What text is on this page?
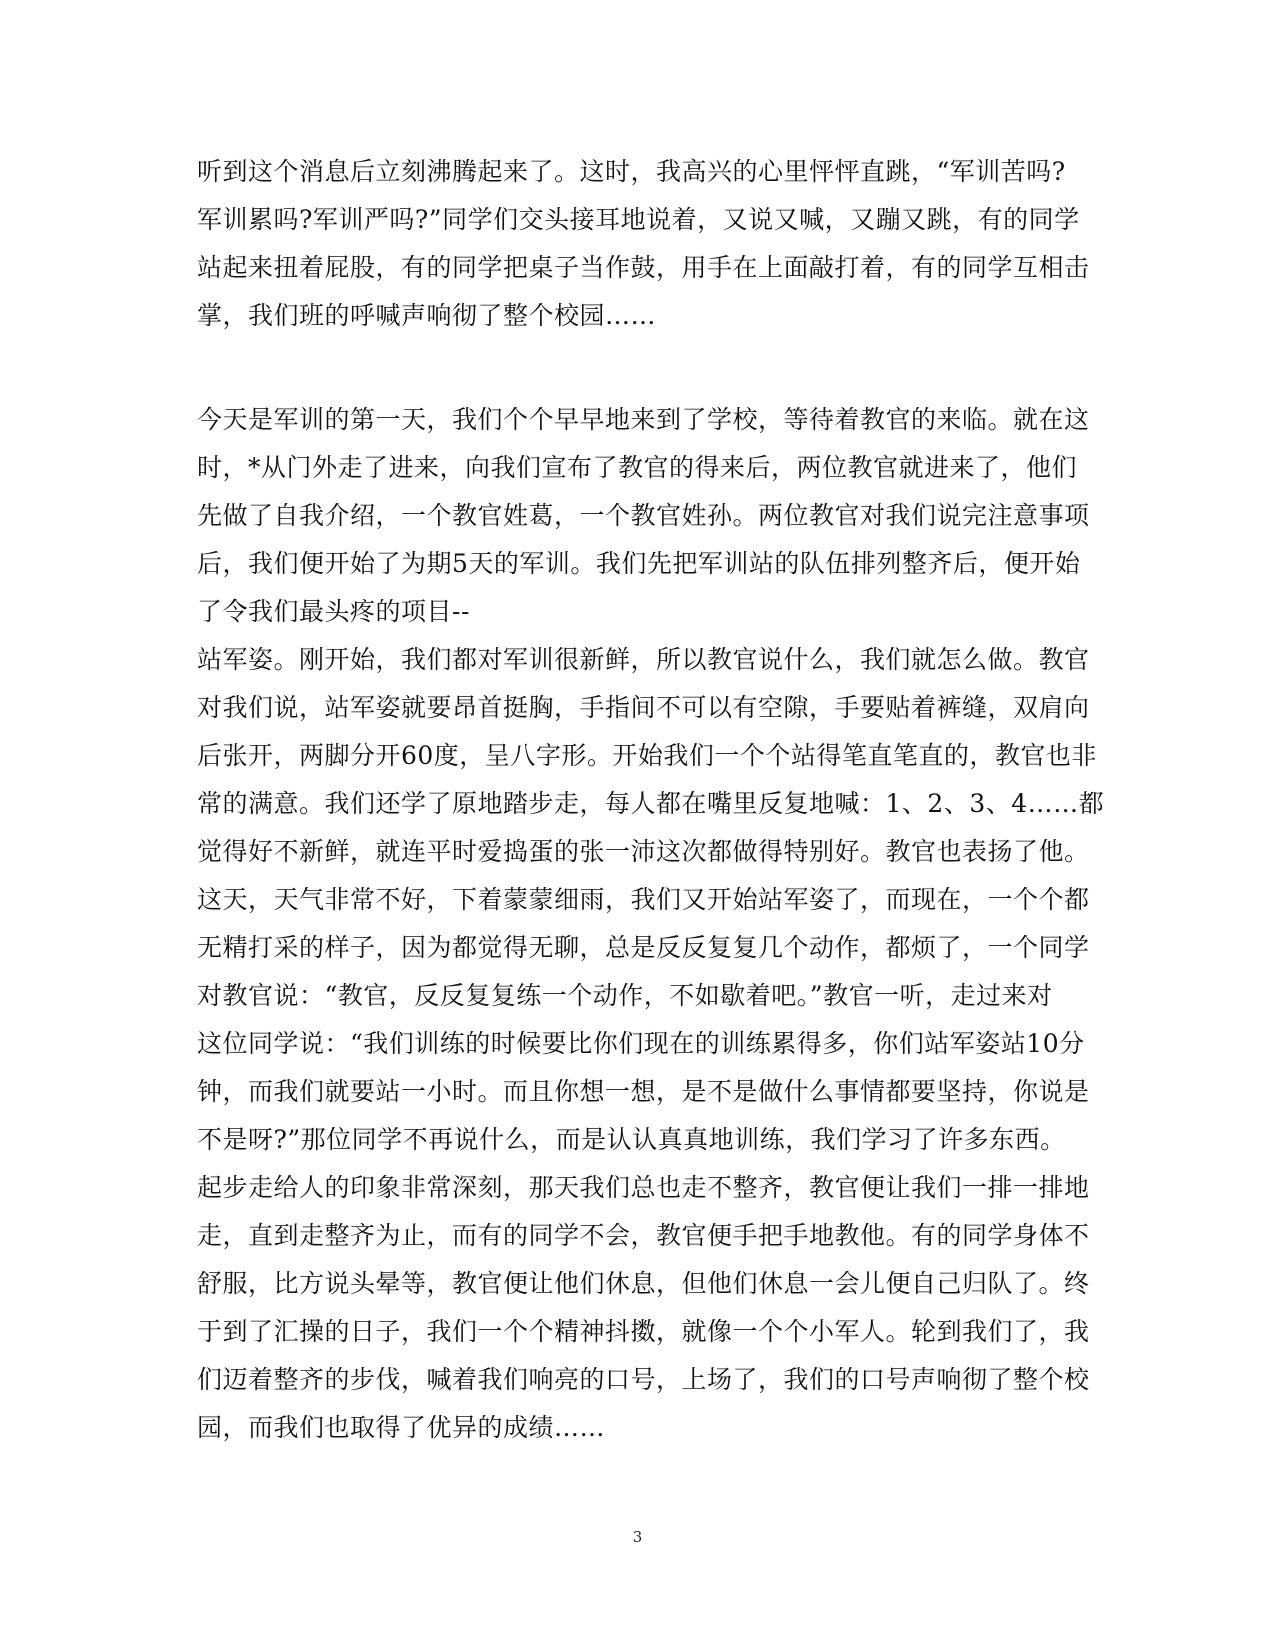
听到这个消息后立刻沸腾起来了。这时，我高兴的心里怦怦直跳，“军训苦吗?
军训累吗?军训严吗?”同学们交头接耳地说着，又说又喊，又蹦又跳，有的同学
站起来扭着屁股，有的同学把桌子当作鼓，用手在上面敲打着，有的同学互相击
掌，我们班的呼喊声响彻了整个校园……
今天是军训的第一天，我们个个早早地来到了学校，等待着教官的来临。就在这
时，*从门外走了进来，向我们宣布了教官的得来后，两位教官就进来了，他们
先做了自我介绍，一个教官姓葛，一个教官姓孙。两位教官对我们说完注意事项
后，我们便开始了为期5天的军训。我们先把军训站的队伍排列整齐后，便开始
了令我们最头疼的项目--
站军姿。刚开始，我们都对军训很新鲜，所以教官说什么，我们就怎么做。教官
对我们说，站军姿就要昂首挺胸，手指间不可以有空隙，手要贴着裤缝，双肩向
后张开，两脚分开60度，呈八字形。开始我们一个个站得笔直笔直的，教官也非
常的满意。我们还学了原地踏步走，每人都在嘴里反复地喊：1、2、3、4……都
觉得好不新鲜，就连平时爱捣蛋的张一沛这次都做得特别好。教官也表扬了他。
这天，天气非常不好，下着蒙蒙细雨，我们又开始站军姿了，而现在，一个个都
无精打采的样子，因为都觉得无聊，总是反反复复几个动作，都烦了，一个同学
对教官说：“教官，反反复复练一个动作，不如歇着吧。”教官一听，走过来对
这位同学说：“我们训练的时候要比你们现在的训练累得多，你们站军姿站10分
钟，而我们就要站一小时。而且你想一想，是不是做什么事情都要坚持，你说是
不是呀?”那位同学不再说什么，而是认认真真地训练，我们学习了许多东西。
起步走给人的印象非常深刻，那天我们总也走不整齐，教官便让我们一排一排地
走，直到走整齐为止，而有的同学不会，教官便手把手地教他。有的同学身体不
舒服，比方说头晕等，教官便让他们休息，但他们休息一会儿便自己归队了。终
于到了汇操的日子，我们一个个精神抖擞，就像一个个小军人。轮到我们了，我
们迈着整齐的步伐，喊着我们响亮的口号，上场了，我们的口号声响彻了整个校
园，而我们也取得了优异的成绩……
3
